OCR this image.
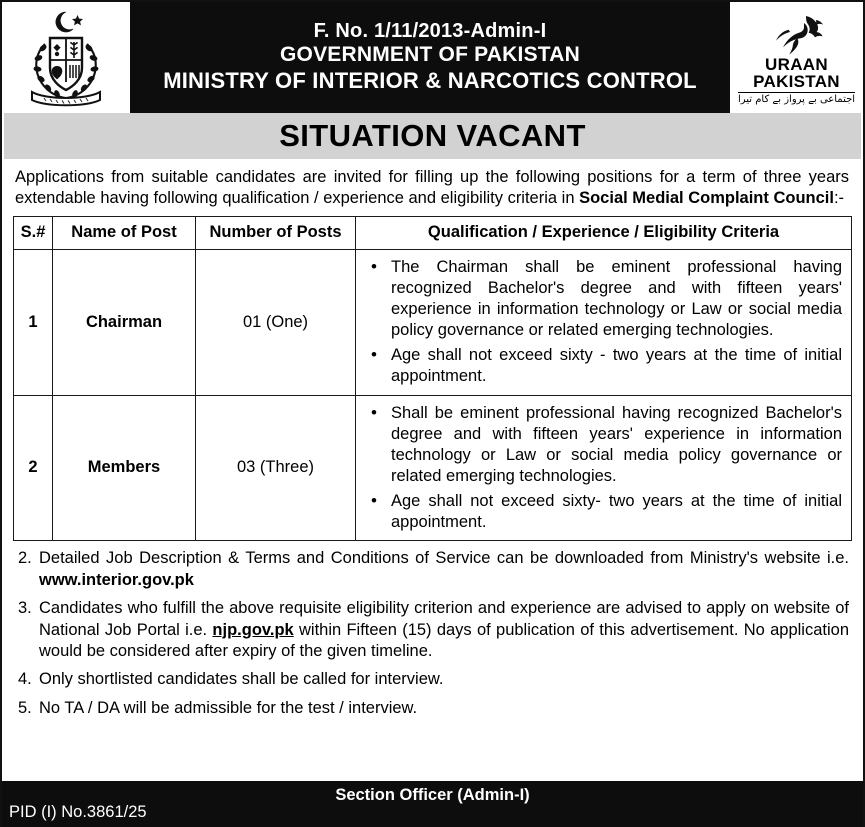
F. No. 1/11/2013-Admin-I
GOVERNMENT OF PAKISTAN
MINISTRY OF INTERIOR & NARCOTICS CONTROL
URAAN
PAKISTAN
اجتماعی بے پرواز بے کام تیرا
SITUATION VACANT
Applications from suitable candidates are invited for filling up the following positions for a term of three years extendable having following qualification / experience and eligibility criteria in Social Medial Complaint Council:-
S.#	Name of Post	Number of Posts	Qualification / Experience / Eligibility Criteria
1	Chairman	01 (One)	
• The Chairman shall be eminent professional having recognized Bachelor's degree and with fifteen years' experience in information technology or Law or social media policy governance or related emerging technologies.
• Age shall not exceed sixty - two years at the time of initial appointment.

2	Members	03 (Three)	
• Shall be eminent professional having recognized Bachelor's degree and with fifteen years' experience in information technology or Law or social media policy governance or related emerging technologies.
• Age shall not exceed sixty- two years at the time of initial appointment.
2. Detailed Job Description & Terms and Conditions of Service can be downloaded from Ministry's website i.e. www.interior.gov.pk
3. Candidates who fulfill the above requisite eligibility criterion and experience are advised to apply on website of National Job Portal i.e. njp.gov.pk within Fifteen (15) days of publication of this advertisement. No application would be considered after expiry of the given timeline.
4. Only shortlisted candidates shall be called for interview.
5. No TA / DA will be admissible for the test / interview.
Section Officer (Admin-I)
PID (I) No.3861/25
